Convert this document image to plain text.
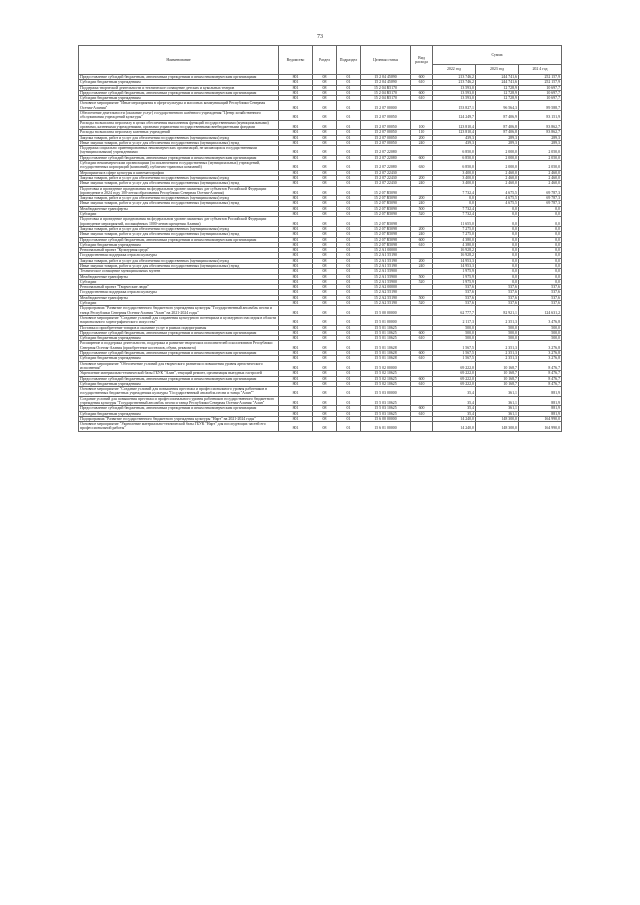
73
Наименование	Ведомство	Раздел	Подраздел	Целевая статья	Вид расхода	Сумма		
						2022 год	2023 год	202 4 год
Предоставление субсидий бюджетным, автономным учреждениям и иным некоммерческим организациям	801	08	01	15 2 04 45090	600	213 746,2	244 741,6	252 157,9
Субсидии бюджетным учреждениям	801	08	01	15 2 04 45090	610	213 746,2	244 741,6	252 157,9
Поддержка творческой деятельности и техническое оснащение детских и кукольных театров	801	08	01	15 2 04 R5170		13 593,0	12 728,9	10 697,7
Предоставление субсидий бюджетным, автономным учреждениям и иным некоммерческим организациям	801	08	01	15 2 04 R5170	600	13 593,0	12 728,9	10 697,7
Субсидии бюджетным учреждениям	801	08	01	15 2 04 R5170	610	13 593,0	12 728,9	10 697,7
Основное мероприятие "Иные мероприятия в сфере культуры и массовых коммуникаций Республики Северная Осетия-Алания"	801	08	01	15 2 07 00000		153 827,1	96 564,3	89 588,7
Обеспечение деятельности (оказание услуг) государственного казённого учреждения "Центр хозяйственного обслуживания учреждений культуры"	801	08	01	15 2 07 00050		124 249,7	87 406,9	83 151,9
Расходы на выплаты персоналу в целях обеспечения выполнения функций государственными (муниципальными) органами, казенными учреждениями, органами управления государственными внебюджетными фондами	801	08	01	15 2 07 00050	100	123 810,4	87 406,8	83 862,7
Расходы на выплаты персоналу казенных учреждений	801	08	01	15 2 07 00050	110	123 810,4	87 406,8	83 862,7
Закупка товаров, работ и услуг для обеспечения государственных (муниципальных) нужд	801	08	01	15 2 07 00050	200	439,3	289,3	289,3
Иные закупки товаров, работ и услуг для обеспечения государственных (муниципальных) нужд	801	08	01	15 2 07 00050	240	439,3	289,3	289,3
Поддержка социально ориентированных некоммерческих организаций, не являющихся государственными (муниципальными) учреждениями	801	08	01	15 2 07 22080		6 850,0	2 000,0	2 050,0
Предоставление субсидий бюджетным, автономным учреждениям и иным некоммерческим организациям	801	08	01	15 2 07 22080	600	6 850,0	2 000,0	2 050,0
Субсидии некоммерческим организациям (за исключением государственных (муниципальных) учреждений, государственных корпораций (компаний), публично-правовых компаний)	801	08	01	15 2 07 22080	630	6 850,0	2 000,0	2 050,0
Мероприятия в сфере культуры и кинематографии	801	08	01	15 2 07 22430		3 400,0	2 460,0	2 460,0
Закупка товаров, работ и услуг для обеспечения государственных (муниципальных) нужд	801	08	01	15 2 07 22430	200	3 400,0	2 460,0	2 460,0
Иные закупки товаров, работ и услуг для обеспечения государственных (муниципальных) нужд	801	08	01	15 2 07 22430	240	3 400,0	2 460,0	2 460,0
Подготовка и проведение празднования на федеральном уровне памятных дат субъектов Российской Федерации (проведение в 2024 году 100-летия образования Республики Северная Осетия-Алания)	801	08	01	15 2 07 R5090		7 732,4	4 675,5	69 787,3
Закупка товаров, работ и услуг для обеспечения государственных (муниципальных) нужд	801	08	01	15 2 07 R5090	200	0,0	4 675,5	69 787,3
Иные закупки товаров, работ и услуг для обеспечения государственных (муниципальных) нужд	801	08	01	15 2 07 R5090	240	0,0	4 675,5	69 787,3
Межбюджетные трансферты	801	08	01	15 2 07 R5090	500	7 732,4	0,0	0,0
Субсидии	801	08	01	15 2 07 R5090	520	7 732,4	0,0	0,0
Подготовка и проведение празднования на федеральном уровне памятных дат субъектов Российской Федерации (проведение мероприятий, посвящённых 1000-летию крещения Алании)	801	08	01	15 2 07 R5098		11 655,0	0,0	0,0
Закупка товаров, работ и услуг для обеспечения государственных (муниципальных) нужд	801	08	01	15 2 07 R5098	200	7 275,0	0,0	0,0
Иные закупки товаров, работ и услуг для обеспечения государственных (муниципальных) нужд	801	08	01	15 2 07 R5098	240	7 275,0	0,0	0,0
Предоставление субсидий бюджетным, автономным учреждениям и иным некоммерческим организациям	801	08	01	15 2 07 R5098	600	4 380,0	0,0	0,0
Субсидии бюджетным учреждениям	801	08	01	15 2 07 R5098	610	4 380,0	0,0	0,0
Региональный проект "Культурная среда"	801	08	01	15 2 A1 00000		16 928,2	0,0	0,0
Государственная поддержка отрасли культуры	801	08	01	15 2 A1 55190		16 928,2	0,0	0,0
Закупка товаров, работ и услуг для обеспечения государственных (муниципальных) нужд	801	08	01	15 2 A1 55190	200	14 953,3	0,0	0,0
Иные закупки товаров, работ и услуг для обеспечения государственных (муниципальных) нужд	801	08	01	15 2 A1 55190	240	14 953,3	0,0	0,0
Техническое оснащение муниципальных музеев	801	08	01	15 2 A1 55900		1 975,9	0,0	0,0
Межбюджетные трансферты	801	08	01	15 2 A1 55900	500	1 975,9	0,0	0,0
Субсидии	801	08	01	15 2 A1 55900	520	1 975,9	0,0	0,0
Региональный проект "Творческие люди"	801	08	01	15 2 A2 00000		537,6	537,6	537,6
Государственная поддержка отрасли культуры	801	08	01	15 2 A2 55190		537,6	537,6	537,6
Межбюджетные трансферты	801	08	01	15 2 A2 55190	500	537,6	537,6	537,6
Субсидии	801	08	01	15 2 A2 55190	520	537,6	537,6	537,6
Подпрограмма "Развитие государственного бюджетного учреждения культуры "Государственный ансамбль песни и танца Республики Северная Осетия-Алания "Алан" на 2021-2024 годы"	801	08	01	15 5 00 00000		62 777,7	82 921,1	124 631,2
Основное мероприятие "Создание условий для сохранения культурного потенциала и культурного наследия в области национального хореографического искусства"	801	08	01	15 5 01 00000		2 117,3	2 351,3	3 476,8
Поставка и приобретение товаров и оказание услуг в рамках подпрограммы	801	08	01	15 5 01 10625		500,0	500,0	500,0
Предоставление субсидий бюджетным, автономным учреждениям и иным некоммерческим организациям	801	08	01	15 5 01 10625	600	500,0	500,0	500,0
Субсидии бюджетным учреждениям	801	08	01	15 5 01 10625	610	500,0	500,0	500,0
Расширение и поддержка деятельности, поддержка и развитие творческих исполнителей и коллективов Республики Северная Осетия-Алания (приобретение костюмов, обуви, реквизита)	801	08	01	15 5 01 10628		1 567,5	2 351,3	3 276,8
Предоставление субсидий бюджетным, автономным учреждениям и иным некоммерческим организациям	801	08	01	15 5 01 10628	600	1 567,5	2 351,3	3 276,8
Субсидии бюджетным учреждениям	801	08	01	15 5 01 10628	610	1 567,5	2 351,3	3 276,8
Основное мероприятие "Обеспечение условий для творческого развития и повышения уровня артистического исполнения"	801	08	01	15 5 02 00000		69 222,0	10 168,7	8 476,7
Укрепление материально-технической базы ГБУК "Алан", текущий ремонт, организация выездных гастролей	801	08	01	15 5 02 10625		69 222,0	10 168,7	8 476,7
Предоставление субсидий бюджетным, автономным учреждениям и иным некоммерческим организациям	801	08	01	15 5 02 10625	600	69 222,0	10 168,7	8 476,7
Субсидии бюджетным учреждениям	801	08	01	15 5 02 10625	610	69 222,0	10 168,7	8 476,7
Основное мероприятие "Создание условий для повышения престижа и профессионального уровня работников в государственных бюджетных учреждениях культуры "Государственный ансамбль песни и танца "Алан""	801	08	01	15 5 03 00000		35,4	361,1	881,9
Создание условий для повышения престижа и профессионального уровня работников государственного бюджетного учреждения культуры "Государственный ансамбль песни и танца Республики Северная Осетия-Алания "Алан"	801	08	01	15 5 03 10625		35,4	361,1	881,9
Предоставление субсидий бюджетным, автономным учреждениям и иным некоммерческим организациям	801	08	01	15 5 03 10625	600	35,4	361,1	881,9
Субсидии бюджетным учреждениям	801	08	01	15 5 03 10625	610	35,4	361,1	881,9
Подпрограмма "Развитие государственного бюджетного учреждения культуры "Нарт" на 2021-2024 годы"	801	08	01	15 6 00 00000		14 240,0	148 300,0	164 990,0
Основное мероприятие "Укрепление материально-технической базы ГБУК "Нарт" для последующих частей его профессиональной работы"	801	08	01	15 6 01 00000		14 240,0	148 300,0	164 990,0
